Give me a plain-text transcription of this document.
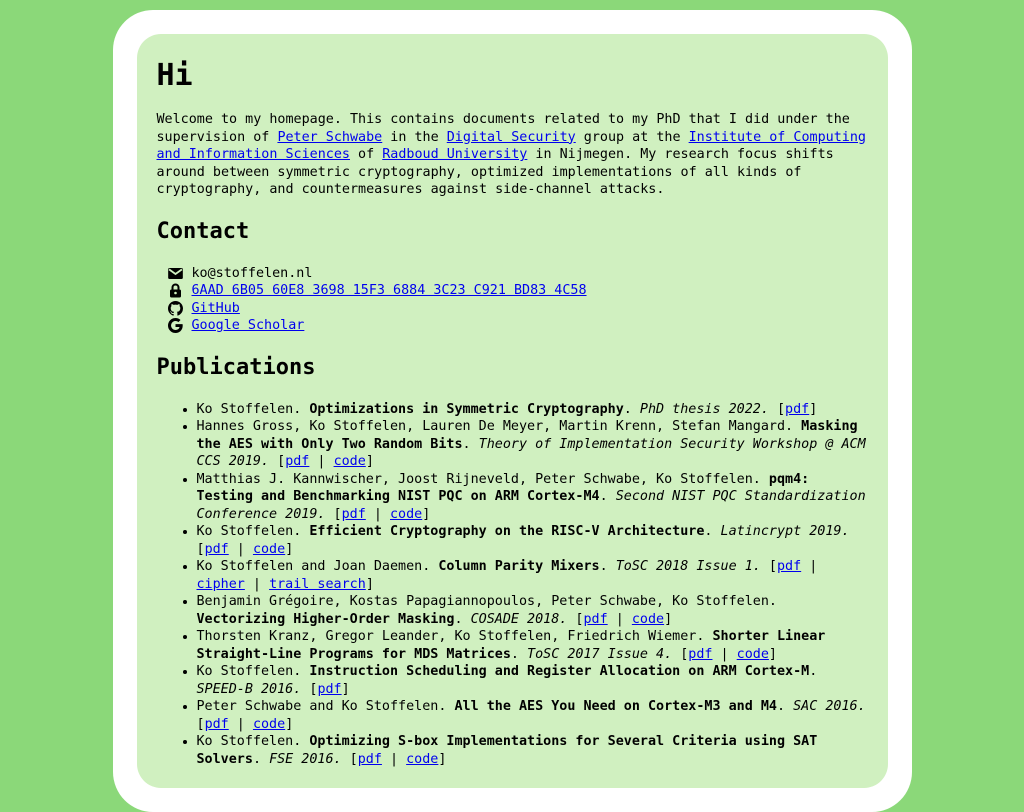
Hi

Welcome to my homepage. This contains documents related to my PhD that I did under the supervision of Peter Schwabe in the Digital Security group at the Institute of Computing and Information Sciences of Radboud University in Nijmegen. My research focus shifts around between symmetric cryptography, optimized implementations of all kinds of cryptography, and countermeasures against side-channel attacks.

Contact
ko@stoffelen.nl
6AAD 6B05 60E8 3698 15F3 6884 3C23 C921 BD83 4C58
GitHub
Google Scholar
Publications
• Ko Stoffelen. Optimizations in Symmetric Cryptography. PhD thesis 2022. [pdf]
• Hannes Gross, Ko Stoffelen, Lauren De Meyer, Martin Krenn, Stefan Mangard. Masking the AES with Only Two Random Bits. Theory of Implementation Security Workshop @ ACM CCS 2019. [pdf | code]
• Matthias J. Kannwischer, Joost Rijneveld, Peter Schwabe, Ko Stoffelen. pqm4: Testing and Benchmarking NIST PQC on ARM Cortex-M4. Second NIST PQC Standardization Conference 2019. [pdf | code]
• Ko Stoffelen. Efficient Cryptography on the RISC-V Architecture. Latincrypt 2019. [pdf | code]
• Ko Stoffelen and Joan Daemen. Column Parity Mixers. ToSC 2018 Issue 1. [pdf | cipher | trail search]
• Benjamin Grégoire, Kostas Papagiannopoulos, Peter Schwabe, Ko Stoffelen. Vectorizing Higher-Order Masking. COSADE 2018. [pdf | code]
• Thorsten Kranz, Gregor Leander, Ko Stoffelen, Friedrich Wiemer. Shorter Linear Straight-Line Programs for MDS Matrices. ToSC 2017 Issue 4. [pdf | code]
• Ko Stoffelen. Instruction Scheduling and Register Allocation on ARM Cortex-M. SPEED-B 2016. [pdf]
• Peter Schwabe and Ko Stoffelen. All the AES You Need on Cortex-M3 and M4. SAC 2016. [pdf | code]
• Ko Stoffelen. Optimizing S-box Implementations for Several Criteria using SAT Solvers. FSE 2016. [pdf | code]
